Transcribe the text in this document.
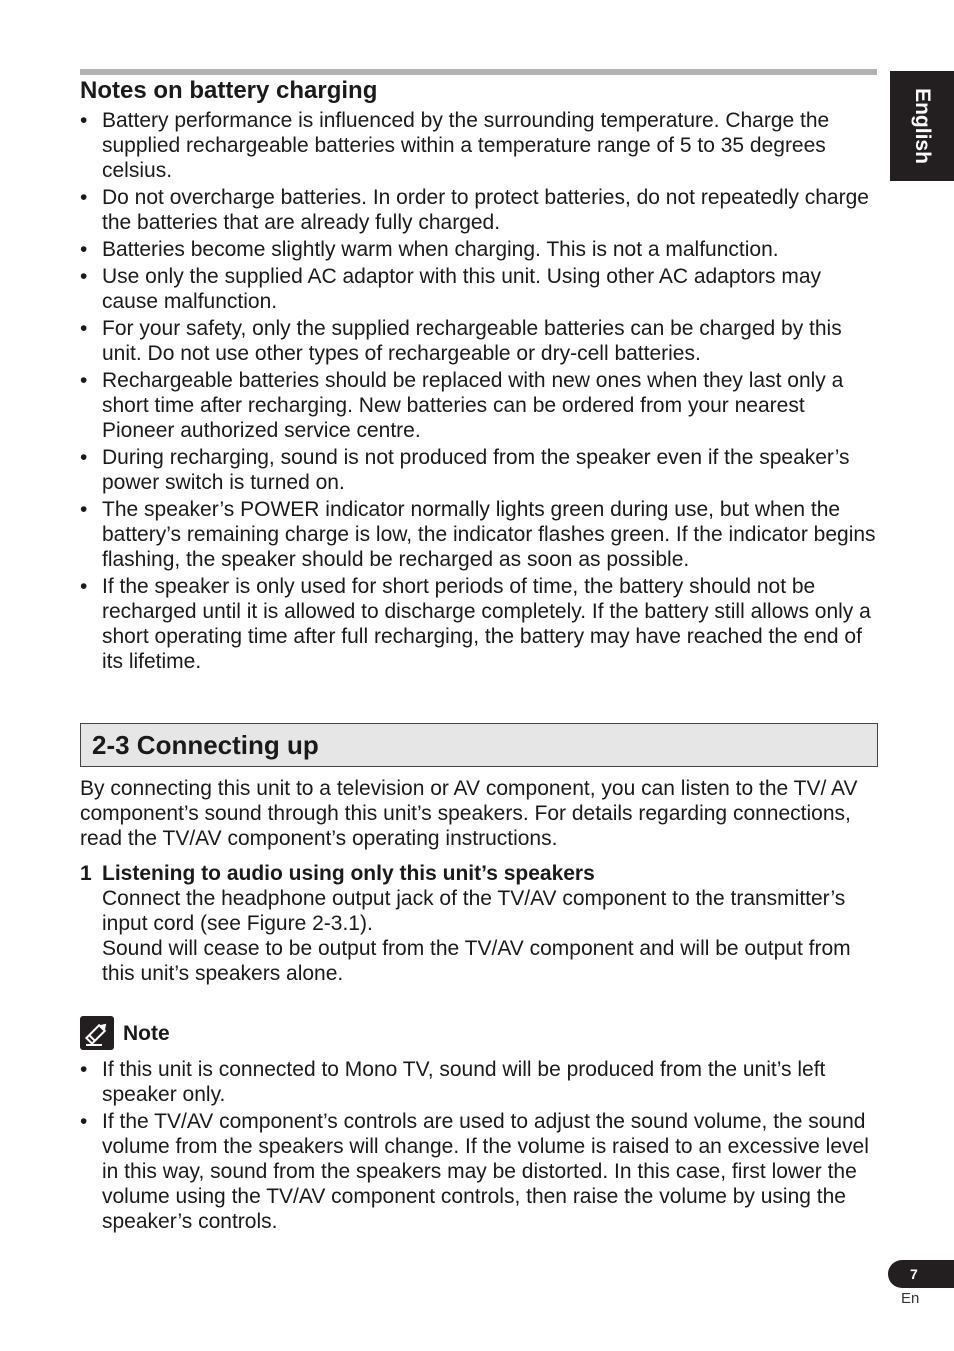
English
Notes on battery charging
• Battery performance is influenced by the surrounding temperature. Charge the supplied rechargeable batteries within a temperature range of 5 to 35 degrees celsius.
• Do not overcharge batteries. In order to protect batteries, do not repeatedly charge the batteries that are already fully charged.
• Batteries become slightly warm when charging. This is not a malfunction.
• Use only the supplied AC adaptor with this unit. Using other AC adaptors may cause malfunction.
• For your safety, only the supplied rechargeable batteries can be charged by this unit. Do not use other types of rechargeable or dry-cell batteries.
• Rechargeable batteries should be replaced with new ones when they last only a short time after recharging. New batteries can be ordered from your nearest Pioneer authorized service centre.
• During recharging, sound is not produced from the speaker even if the speaker’s power switch is turned on.
• The speaker’s POWER indicator normally lights green during use, but when the battery’s remaining charge is low, the indicator flashes green. If the indicator begins flashing, the speaker should be recharged as soon as possible.
• If the speaker is only used for short periods of time, the battery should not be recharged until it is allowed to discharge completely. If the battery still allows only a short operating time after full recharging, the battery may have reached the end of its lifetime.
2-3 Connecting up

By connecting this unit to a television or AV component, you can listen to the TV/ AV component’s sound through this unit’s speakers. For details regarding connections, read the TV/AV component’s operating instructions.

1 Listening to audio using only this unit’s speakers
Connect the headphone output jack of the TV/AV component to the transmitter’s input cord (see Figure 2-3.1).
Sound will cease to be output from the TV/AV component and will be output from this unit’s speakers alone.
Note
• If this unit is connected to Mono TV, sound will be produced from the unit’s left speaker only.
• If the TV/AV component’s controls are used to adjust the sound volume, the sound volume from the speakers will change. If the volume is raised to an excessive level in this way, sound from the speakers may be distorted. In this case, first lower the volume using the TV/AV component controls, then raise the volume by using the speaker’s controls.
7
En
